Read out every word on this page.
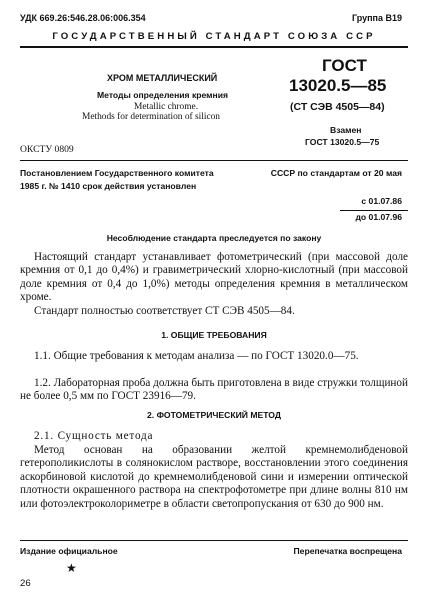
УДК 669.26:546.28.06:006.354	Группа В19
ГОСУДАРСТВЕННЫЙ СТАНДАРТ СОЮЗА ССР
ХРОМ МЕТАЛЛИЧЕСКИЙ
Методы определения кремния
Metallic chrome.
Methods for determination of silicon
ГОСТ
13020.5—85
(СТ СЭВ 4505—84)
Взамен
ГОСТ 13020.5—75
ОКСТУ 0809
Постановлением Государственного комитета	СССР по стандартам от 20 мая
1985 г. № 1410 срок действия установлен
с 01.07.86
до 01.07.96
Несоблюдение стандарта преследуется по закону
Настоящий стандарт устанавливает фотометрический (при массовой доле кремния от 0,1 до 0,4%) и гравиметрический хлорно-кислотный (при массовой доле кремния от 0,4 до 1,0%) методы определения кремния в металлическом хроме.
Стандарт полностью соответствует СТ СЭВ 4505—84.
1. ОБЩИЕ ТРЕБОВАНИЯ
1.1. Общие требования к методам анализа — по ГОСТ 13020.0—75.
1.2. Лабораторная проба должна быть приготовлена в виде стружки толщиной не более 0,5 мм по ГОСТ 23916—79.
2. ФОТОМЕТРИЧЕСКИЙ МЕТОД
2.1. Сущность метода
Метод основан на образовании желтой кремнемолибденовой гетерополикислоты в солянокислом растворе, восстановлении этого соединения аскорбиновой кислотой до кремнемолибденовой сини и измерении оптической плотности окрашенного раствора на спектрофотометре при длине волны 810 нм или фотоэлектроколориметре в области светопропускания от 630 до 900 нм.
Издание официальное	Перепечатка воспрещена
★
26
